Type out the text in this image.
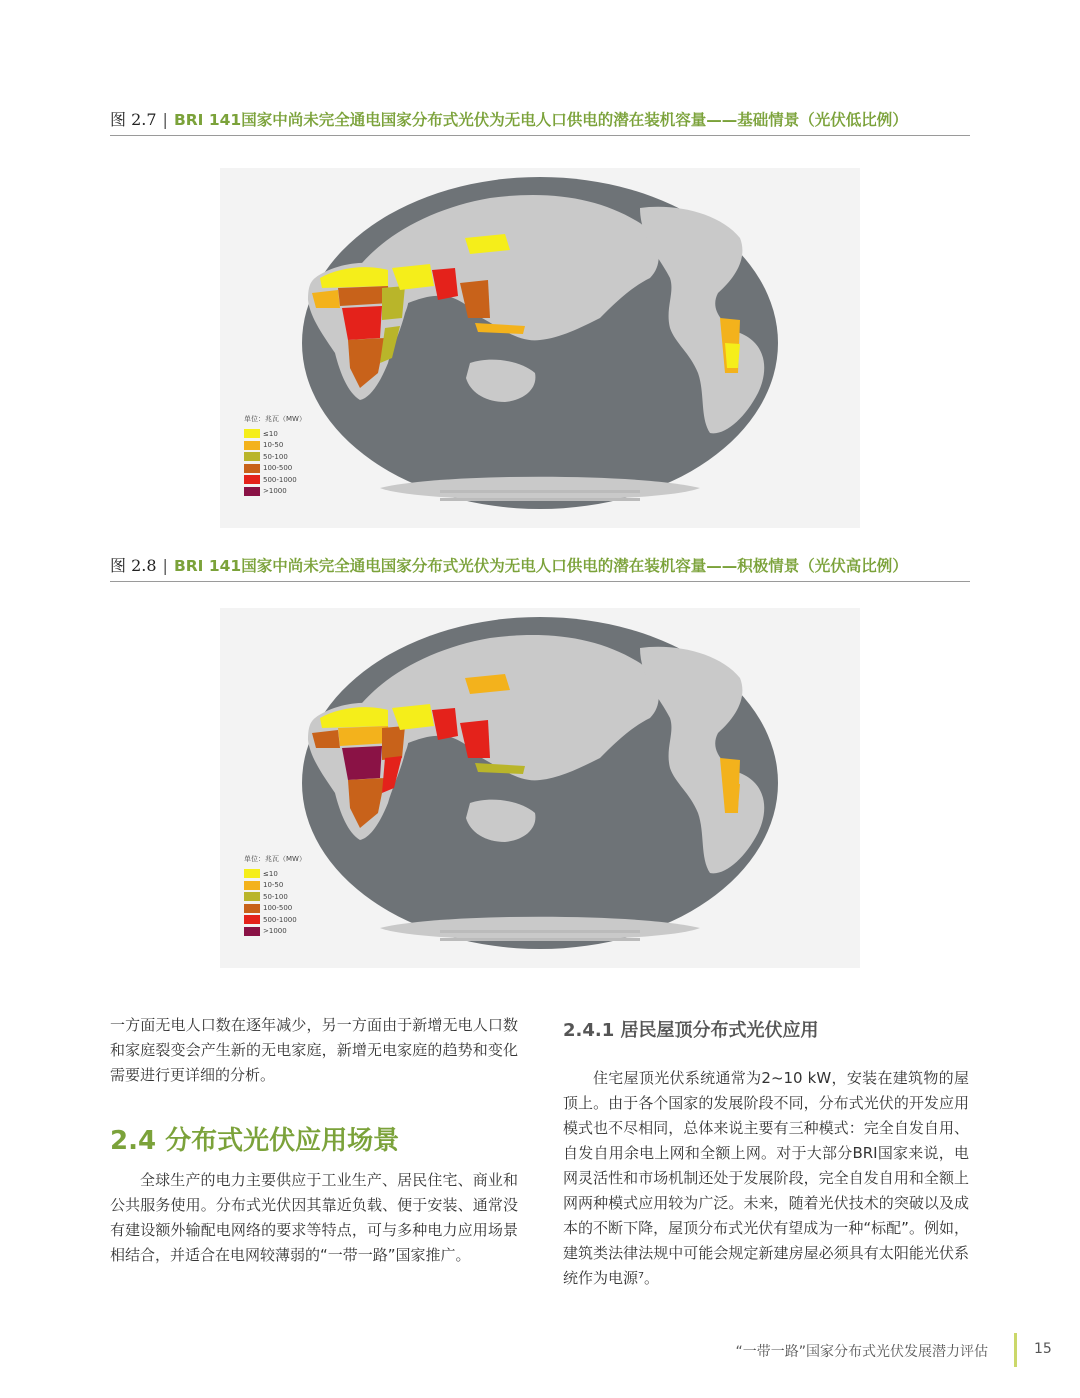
图 2.7 | BRI 141国家中尚未完全通电国家分布式光伏为无电人口供电的潜在装机容量——基础情景（光伏低比例）
单位：兆瓦（MW）
≤10
10-50
50-100
100-500
500-1000
>1000
图 2.8 | BRI 141国家中尚未完全通电国家分布式光伏为无电人口供电的潜在装机容量——积极情景（光伏高比例）
单位：兆瓦（MW）
≤10
10-50
50-100
100-500
500-1000
>1000
一方面无电人口数在逐年减少，另一方面由于新增无电人口数和家庭裂变会产生新的无电家庭，新增无电家庭的趋势和变化需要进行更详细的分析。
2.4 分布式光伏应用场景
全球生产的电力主要供应于工业生产、居民住宅、商业和公共服务使用。分布式光伏因其靠近负载、便于安装、通常没有建设额外输配电网络的要求等特点，可与多种电力应用场景相结合，并适合在电网较薄弱的“一带一路”国家推广。
2.4.1 居民屋顶分布式光伏应用
住宅屋顶光伏系统通常为2~10 kW，安装在建筑物的屋顶上。由于各个国家的发展阶段不同，分布式光伏的开发应用模式也不尽相同，总体来说主要有三种模式：完全自发自用、自发自用余电上网和全额上网。对于大部分BRI国家来说，电网灵活性和市场机制还处于发展阶段，完全自发自用和全额上网两种模式应用较为广泛。未来，随着光伏技术的突破以及成本的不断下降，屋顶分布式光伏有望成为一种“标配”。例如，建筑类法律法规中可能会规定新建房屋必须具有太阳能光伏系统作为电源⁷。
“一带一路”国家分布式光伏发展潜力评估	15
